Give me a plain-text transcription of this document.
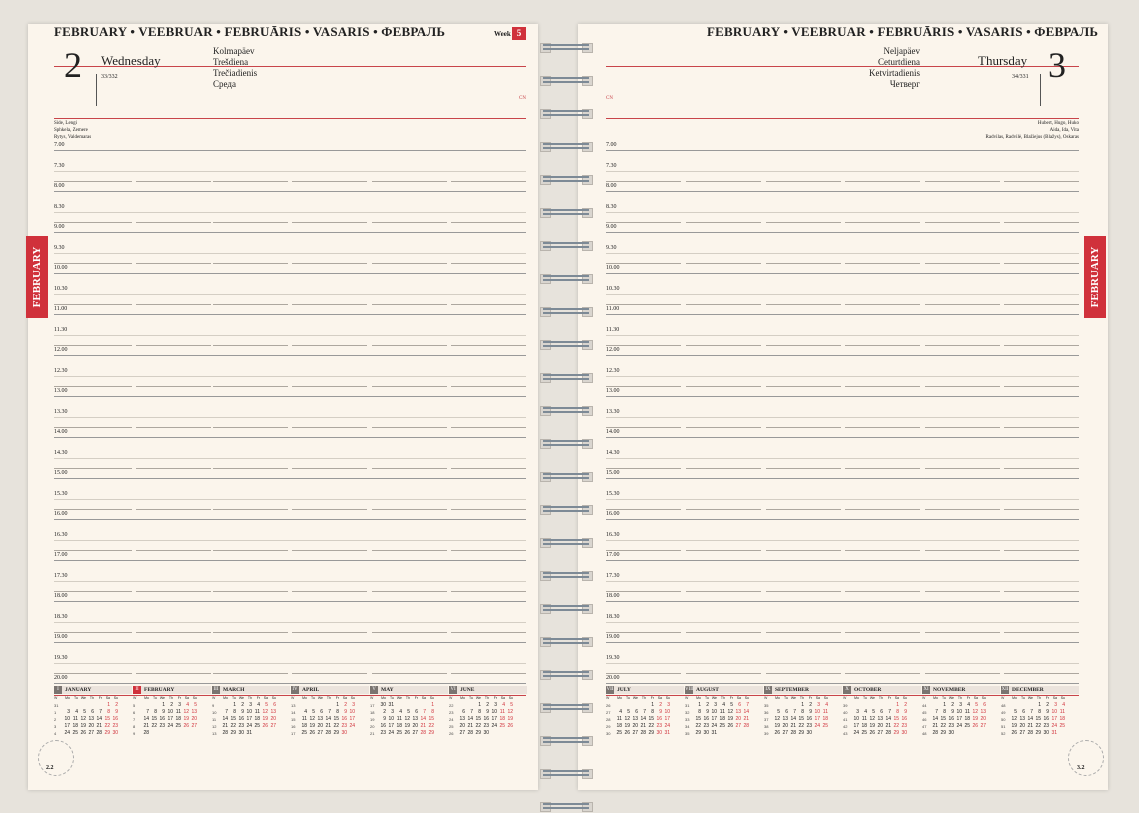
FEBRUARY • VEEBRUAR • FEBRUĀRIS • VASARIS • ФЕВРАЛЬ	Week 5
2 Wednesday
33/332
Kolmapäev
Trešdiena
Trečiadienis
Среда
Side, Lengi
Sphkela, Zemere
Rytys, Valdemaras
CN
2.2
FEBRUARY
FEBRUARY • VEEBRUAR • FEBRUĀRIS • VASARIS • ФЕВРАЛЬ
3
Thursday
34/331
Neljapäev
Ceturtdiena
Ketvirtadienis
Четверг
Hubert, Hugo, Huko
Aida, Ida, Vita
Radvilas, Radvilė, Blažiejus (Blažys), Oskaras
CN
3.2
FEBRUARY
7.00
7.30
8.00
8.30
9.00
9.30
10.00
10.30
11.00
11.30
12.00
12.30
13.00
13.30
14.00
14.30
15.00
15.30
16.00
16.30
17.00
17.30
18.00
18.30
19.00
19.30
20.00
7.00
7.30
8.00
8.30
9.00
9.30
10.00
10.30
11.00
11.30
12.00
12.30
13.00
13.30
14.00
14.30
15.00
15.30
16.00
16.30
17.00
17.30
18.00
18.30
19.00
19.30
20.00
I	JANUARY
W	Mo	Tu	We	Th	Fr	Sa	Su
31						1	2
1	3	4	5	6	7	8	9
2	10	11	12	13	14	15	16
3	17	18	19	20	21	22	23
4	24	25	26	27	28	29	30
II FEBRUARY
W	Mo	Tu	We	Th	Fr	Sa	Su
5			1	2	3	4	5
6	7	8	9	10	11	12	13
7	14	15	16	17	18	19	20
8	21	22	23	24	25	26	27
9	28						
III MARCH
W	Mo	Tu	We	Th	Fr	Sa	Su
9		1	2	3	4	5	6
10	7	8	9	10	11	12	13
11	14	15	16	17	18	19	20
12	21	22	23	24	25	26	27
13	28	29	30	31			
IV APRIL
W	Mo	Tu	We	Th	Fr	Sa	Su
13					1	2	3
14	4	5	6	7	8	9	10
15	11	12	13	14	15	16	17
16	18	19	20	21	22	23	24
17	25	26	27	28	29	30	
V MAY
W	Mo	Tu	We	Th	Fr	Sa	Su
17	30	31					1
18	2	3	4	5	6	7	8
19	9	10	11	12	13	14	15
20	16	17	18	19	20	21	22
21	23	24	25	26	27	28	29
VI JUNE
W	Mo	Tu	We	Th	Fr	Sa	Su
22			1	2	3	4	5
23	6	7	8	9	10	11	12
24	13	14	15	16	17	18	19
25	20	21	22	23	24	25	26
26	27	28	29	30			
VII JULY
W	Mo	Tu	We	Th	Fr	Sa	Su
26					1	2	3
27	4	5	6	7	8	9	10
28	11	12	13	14	15	16	17
29	18	19	20	21	22	23	24
30	25	26	27	28	29	30	31
VIII AUGUST
W	Mo	Tu	We	Th	Fr	Sa	Su
31	1	2	3	4	5	6	7
32	8	9	10	11	12	13	14
33	15	16	17	18	19	20	21
34	22	23	24	25	26	27	28
35	29	30	31				
IX SEPTEMBER
W	Mo	Tu	We	Th	Fr	Sa	Su
35				1	2	3	4
36	5	6	7	8	9	10	11
37	12	13	14	15	16	17	18
38	19	20	21	22	23	24	25
39	26	27	28	29	30		
X OCTOBER
W	Mo	Tu	We	Th	Fr	Sa	Su
39						1	2
40	3	4	5	6	7	8	9
41	10	11	12	13	14	15	16
42	17	18	19	20	21	22	23
43	24	25	26	27	28	29	30
XI NOVEMBER
W	Mo	Tu	We	Th	Fr	Sa	Su
44		1	2	3	4	5	6
45	7	8	9	10	11	12	13
46	14	15	16	17	18	19	20
47	21	22	23	24	25	26	27
48	28	29	30				
XII DECEMBER
W	Mo	Tu	We	Th	Fr	Sa	Su
48				1	2	3	4
49	5	6	7	8	9	10	11
50	12	13	14	15	16	17	18
51	19	20	21	22	23	24	25
52	26	27	28	29	30	31	
